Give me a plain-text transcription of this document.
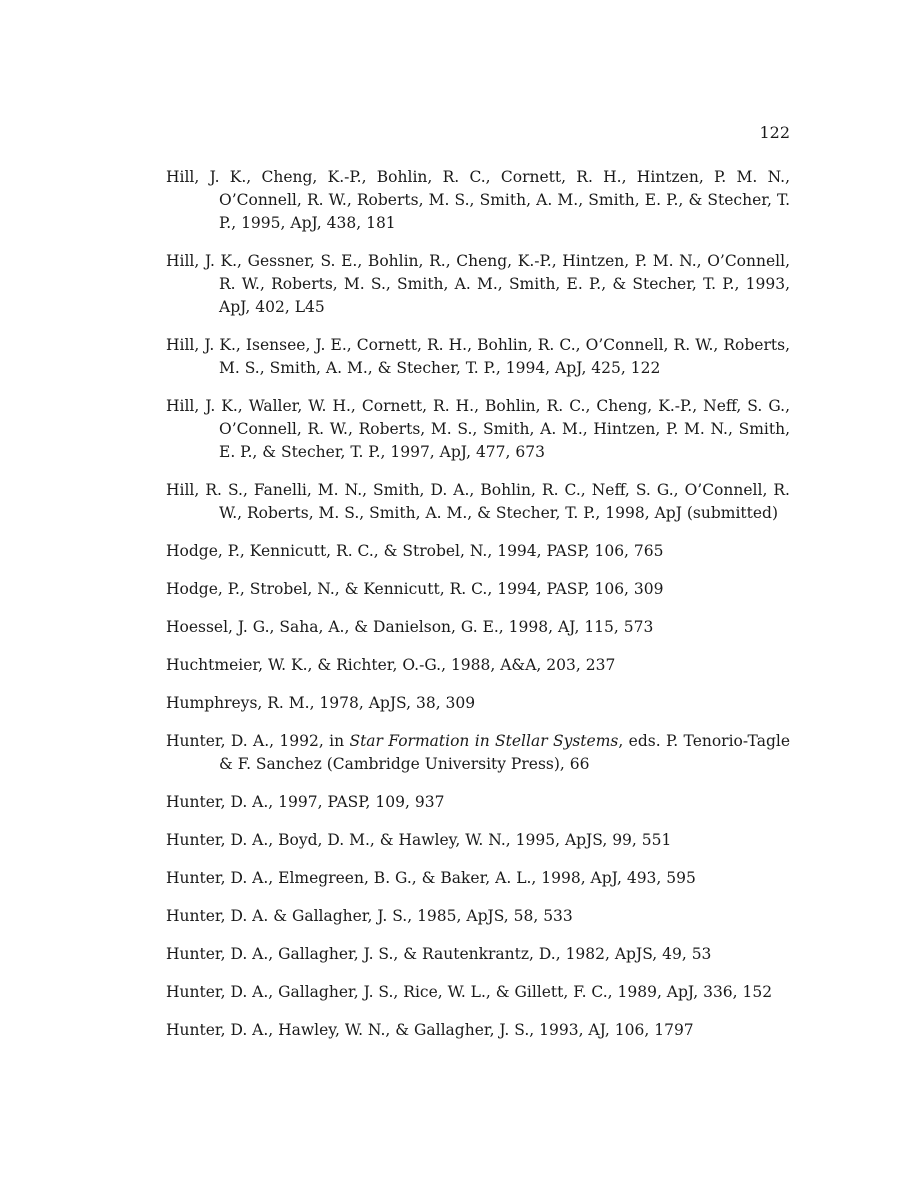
122
Hill, J. K., Cheng, K.-P., Bohlin, R. C., Cornett, R. H., Hintzen, P. M. N., O’Connell, R. W., Roberts, M. S., Smith, A. M., Smith, E. P., & Stecher, T. P., 1995, ApJ, 438, 181
Hill, J. K., Gessner, S. E., Bohlin, R., Cheng, K.-P., Hintzen, P. M. N., O’Connell, R. W., Roberts, M. S., Smith, A. M., Smith, E. P., & Stecher, T. P., 1993, ApJ, 402, L45
Hill, J. K., Isensee, J. E., Cornett, R. H., Bohlin, R. C., O’Connell, R. W., Roberts, M. S., Smith, A. M., & Stecher, T. P., 1994, ApJ, 425, 122
Hill, J. K., Waller, W. H., Cornett, R. H., Bohlin, R. C., Cheng, K.-P., Neff, S. G., O’Connell, R. W., Roberts, M. S., Smith, A. M., Hintzen, P. M. N., Smith, E. P., & Stecher, T. P., 1997, ApJ, 477, 673
Hill, R. S., Fanelli, M. N., Smith, D. A., Bohlin, R. C., Neff, S. G., O’Connell, R. W., Roberts, M. S., Smith, A. M., & Stecher, T. P., 1998, ApJ (submitted)
Hodge, P., Kennicutt, R. C., & Strobel, N., 1994, PASP, 106, 765
Hodge, P., Strobel, N., & Kennicutt, R. C., 1994, PASP, 106, 309
Hoessel, J. G., Saha, A., & Danielson, G. E., 1998, AJ, 115, 573
Huchtmeier, W. K., & Richter, O.-G., 1988, A&A, 203, 237
Humphreys, R. M., 1978, ApJS, 38, 309
Hunter, D. A., 1992, in Star Formation in Stellar Systems, eds. P. Tenorio-Tagle & F. Sanchez (Cambridge University Press), 66
Hunter, D. A., 1997, PASP, 109, 937
Hunter, D. A., Boyd, D. M., & Hawley, W. N., 1995, ApJS, 99, 551
Hunter, D. A., Elmegreen, B. G., & Baker, A. L., 1998, ApJ, 493, 595
Hunter, D. A. & Gallagher, J. S., 1985, ApJS, 58, 533
Hunter, D. A., Gallagher, J. S., & Rautenkrantz, D., 1982, ApJS, 49, 53
Hunter, D. A., Gallagher, J. S., Rice, W. L., & Gillett, F. C., 1989, ApJ, 336, 152
Hunter, D. A., Hawley, W. N., & Gallagher, J. S., 1993, AJ, 106, 1797
